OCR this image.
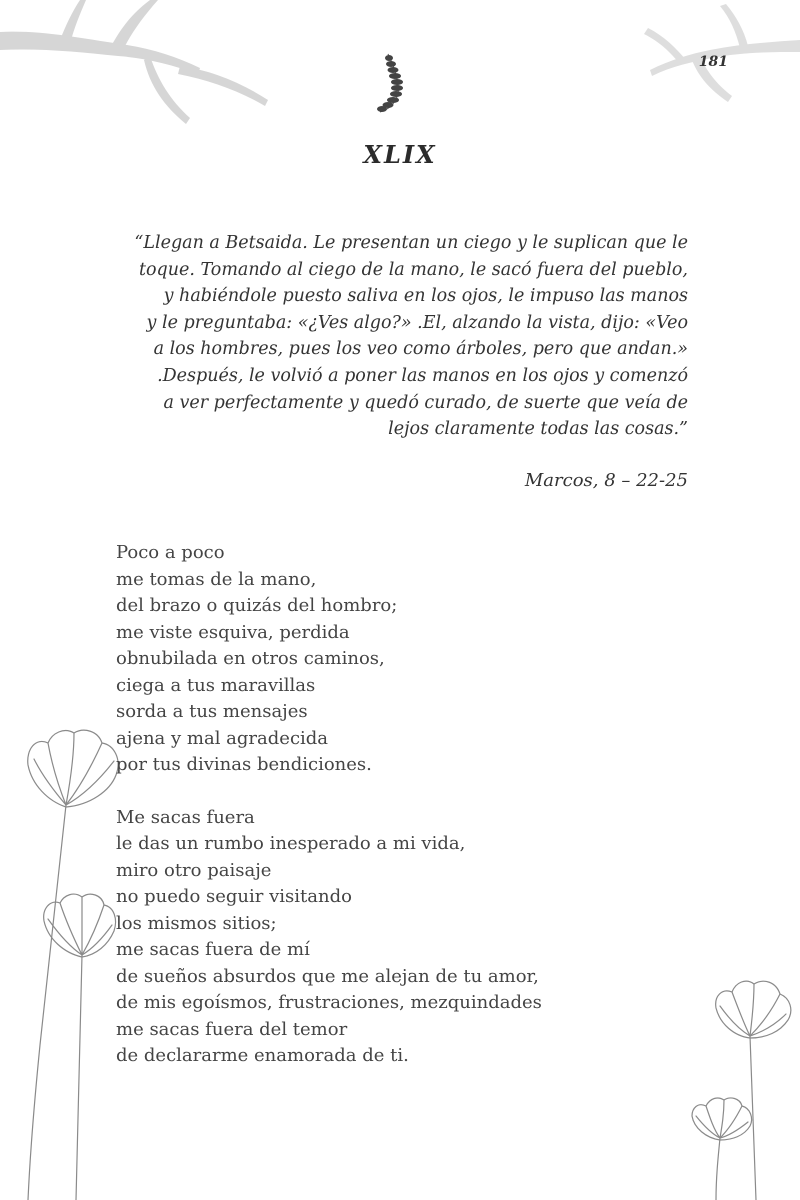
181
XLIX
“Llegan a Betsaida. Le presentan un ciego y le suplican que le
toque. Tomando al ciego de la mano, le sacó fuera del pueblo,
y habiéndole puesto saliva en los ojos, le impuso las manos
y le preguntaba: «¿Ves algo?» .El, alzando la vista, dijo: «Veo
a los hombres, pues los veo como árboles, pero que andan.»
.Después, le volvió a poner las manos en los ojos y comenzó
a ver perfectamente y quedó curado, de suerte que veía de
lejos claramente todas las cosas.”
Marcos, 8 – 22-25
Poco a poco
me tomas de la mano,
del brazo o quizás del hombro;
me viste esquiva, perdida
obnubilada en otros caminos,
ciega a tus maravillas
sorda a tus mensajes
ajena y mal agradecida
por tus divinas bendiciones.
Me sacas fuera
le das un rumbo inesperado a mi vida,
miro otro paisaje
no puedo seguir visitando
los mismos sitios;
me sacas fuera de mí
de sueños absurdos que me alejan de tu amor,
de mis egoísmos, frustraciones, mezquindades
me sacas fuera del temor
de declararme enamorada de ti.
